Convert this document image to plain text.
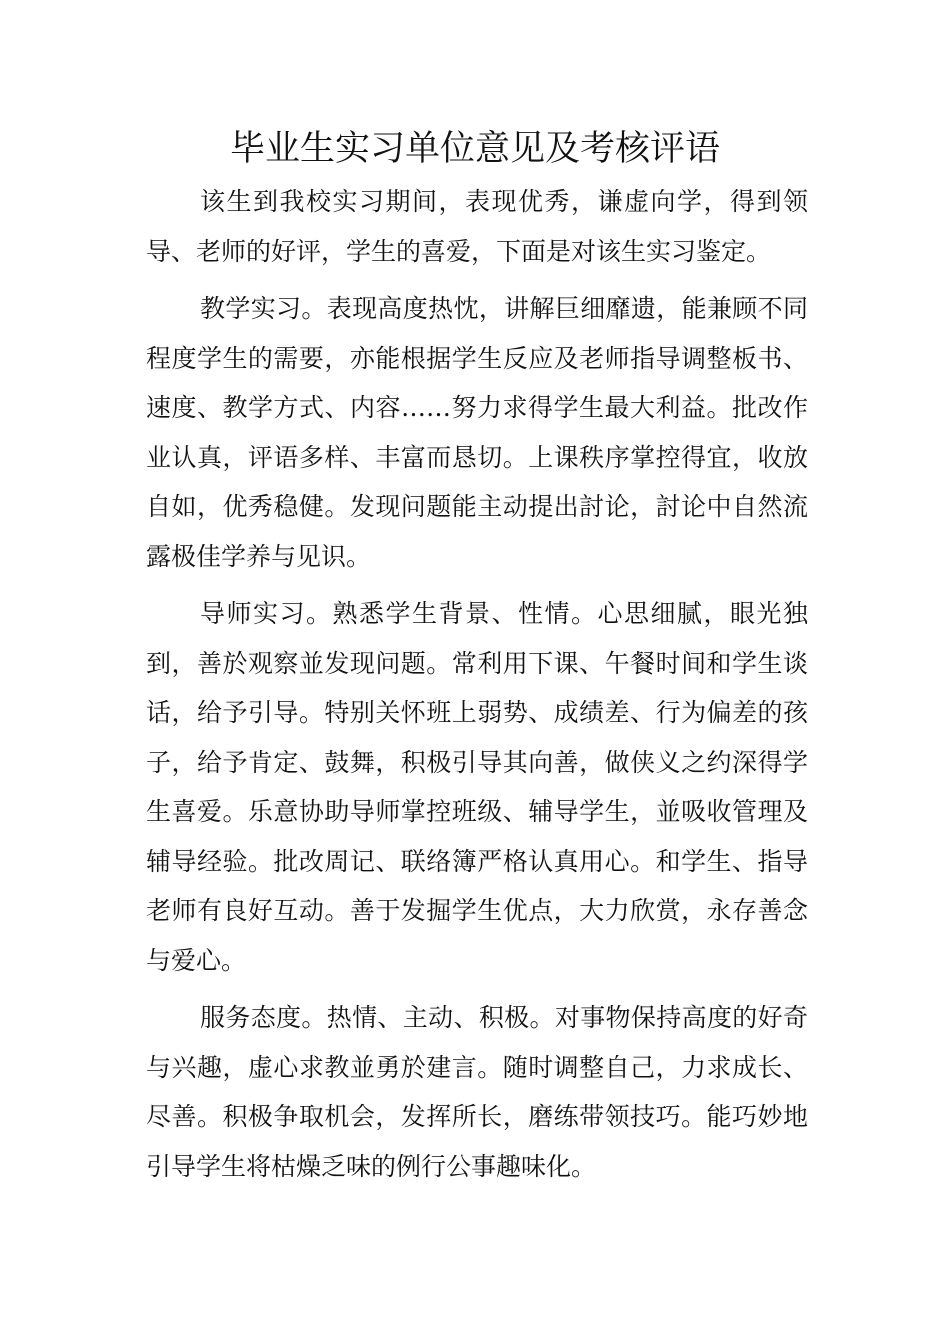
毕业生实习单位意见及考核评语

该生到我校实习期间，表现优秀，谦虚向学，得到领导、老师的好评，学生的喜爱，下面是对该生实习鉴定。

教学实习。表现高度热忱，讲解巨细靡遗，能兼顾不同程度学生的需要，亦能根据学生反应及老师指导调整板书、速度、教学方式、内容……努力求得学生最大利益。批改作业认真，评语多样、丰富而恳切。上课秩序掌控得宜，收放自如，优秀稳健。发现问题能主动提出討论，討论中自然流露极佳学养与见识。

导师实习。熟悉学生背景、性情。心思细腻，眼光独到，善於观察並发现问题。常利用下课、午餐时间和学生谈话，给予引导。特别关怀班上弱势、成绩差、行为偏差的孩子，给予肯定、鼓舞，积极引导其向善，做侠义之约深得学生喜爱。乐意协助导师掌控班级、辅导学生，並吸收管理及辅导经验。批改周记、联络簿严格认真用心。和学生、指导老师有良好互动。善于发掘学生优点，大力欣赏，永存善念与爱心。

服务态度。热情、主动、积极。对事物保持高度的好奇与兴趣，虚心求教並勇於建言。随时调整自己，力求成长、尽善。积极争取机会，发挥所长，磨练带领技巧。能巧妙地引导学生将枯燥乏味的例行公事趣味化。
